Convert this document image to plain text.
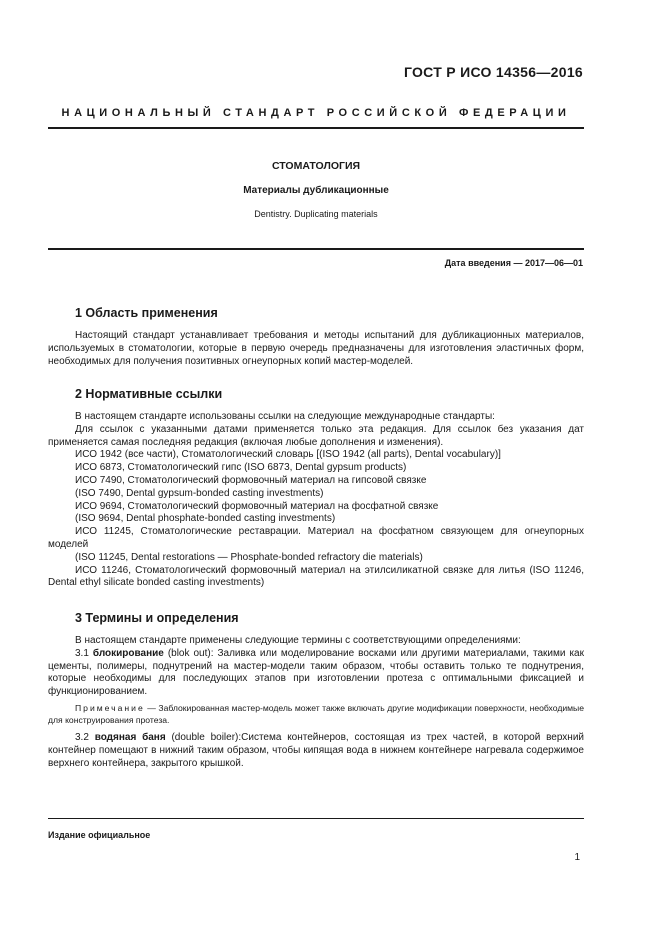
ГОСТ Р ИСО 14356—2016
НАЦИОНАЛЬНЫЙ СТАНДАРТ РОССИЙСКОЙ ФЕДЕРАЦИИ
СТОМАТОЛОГИЯ
Материалы дубликационные
Dentistry. Duplicating materials
Дата введения — 2017—06—01
1 Область применения

Настоящий стандарт устанавливает требования и методы испытаний для дубликационных материалов, используемых в стоматологии, которые в первую очередь предназначены для изготовления эластичных форм, необходимых для получения позитивных огнеупорных копий мастер-моделей.

2 Нормативные ссылки

В настоящем стандарте использованы ссылки на следующие международные стандарты:

Для ссылок с указанными датами применяется только эта редакция. Для ссылок без указания дат применяется самая последняя редакция (включая любые дополнения и изменения).

ИСО 1942 (все части), Стоматологический словарь [(ISO 1942 (all parts), Dental vocabulary)]

ИСО 6873, Стоматологический гипс (ISO 6873, Dental gypsum products)

ИСО 7490, Стоматологический формовочный материал на гипсовой связке

(ISO 7490, Dental gypsum-bonded casting investments)

ИСО 9694, Стоматологический формовочный материал на фосфатной связке

(ISO 9694, Dental phosphate-bonded casting investments)

ИСО 11245, Стоматологические реставрации. Материал на фосфатном связующем для огнеупорных моделей

(ISO 11245, Dental restorations — Phosphate-bonded refractory die materials)

ИСО 11246, Стоматологический формовочный материал на этилсиликатной связке для литья (ISO 11246, Dental ethyl silicate bonded casting investments)

3 Термины и определения

В настоящем стандарте применены следующие термины с соответствующими определениями:

3.1 блокирование (blok out): Заливка или моделирование восками или другими материалами, такими как цементы, полимеры, поднутрений на мастер-модели таким образом, чтобы оставить только те поднутрения, которые необходимы для последующих этапов при изготовлении протеза с оптимальными фиксацией и функционированием.

Примечание — Заблокированная мастер-модель может также включать другие модификации поверхности, необходимые для конструирования протеза.

3.2 водяная баня (double boiler):Система контейнеров, состоящая из трех частей, в которой верхний контейнер помещают в нижний таким образом, чтобы кипящая вода в нижнем контейнере нагревала содержимое верхнего контейнера, закрытого крышкой.

Издание официальное
1
